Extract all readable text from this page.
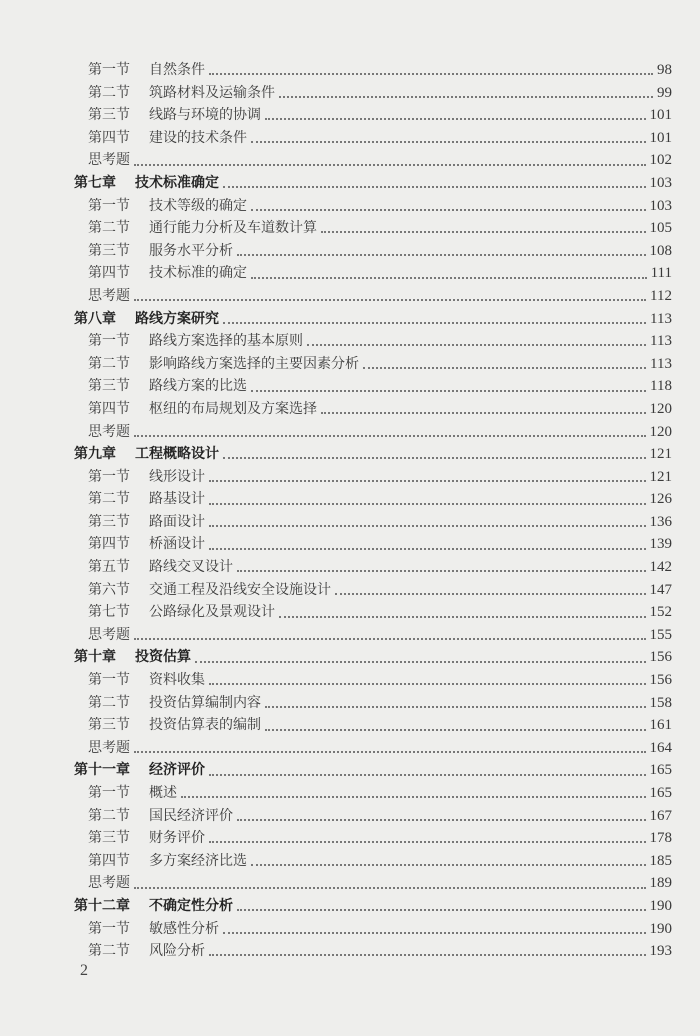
第一节	自然条件	98
第二节	筑路材料及运输条件	99
第三节	线路与环境的协调	101
第四节	建设的技术条件	101
思考题	102
第七章	技术标准确定	103
第一节	技术等级的确定	103
第二节	通行能力分析及车道数计算	105
第三节	服务水平分析	108
第四节	技术标准的确定	111
思考题	112
第八章	路线方案研究	113
第一节	路线方案选择的基本原则	113
第二节	影响路线方案选择的主要因素分析	113
第三节	路线方案的比选	118
第四节	枢纽的布局规划及方案选择	120
思考题	120
第九章	工程概略设计	121
第一节	线形设计	121
第二节	路基设计	126
第三节	路面设计	136
第四节	桥涵设计	139
第五节	路线交叉设计	142
第六节	交通工程及沿线安全设施设计	147
第七节	公路绿化及景观设计	152
思考题	155
第十章	投资估算	156
第一节	资料收集	156
第二节	投资估算编制内容	158
第三节	投资估算表的编制	161
思考题	164
第十一章	经济评价	165
第一节	概述	165
第二节	国民经济评价	167
第三节	财务评价	178
第四节	多方案经济比选	185
思考题	189
第十二章	不确定性分析	190
第一节	敏感性分析	190
第二节	风险分析	193
2
